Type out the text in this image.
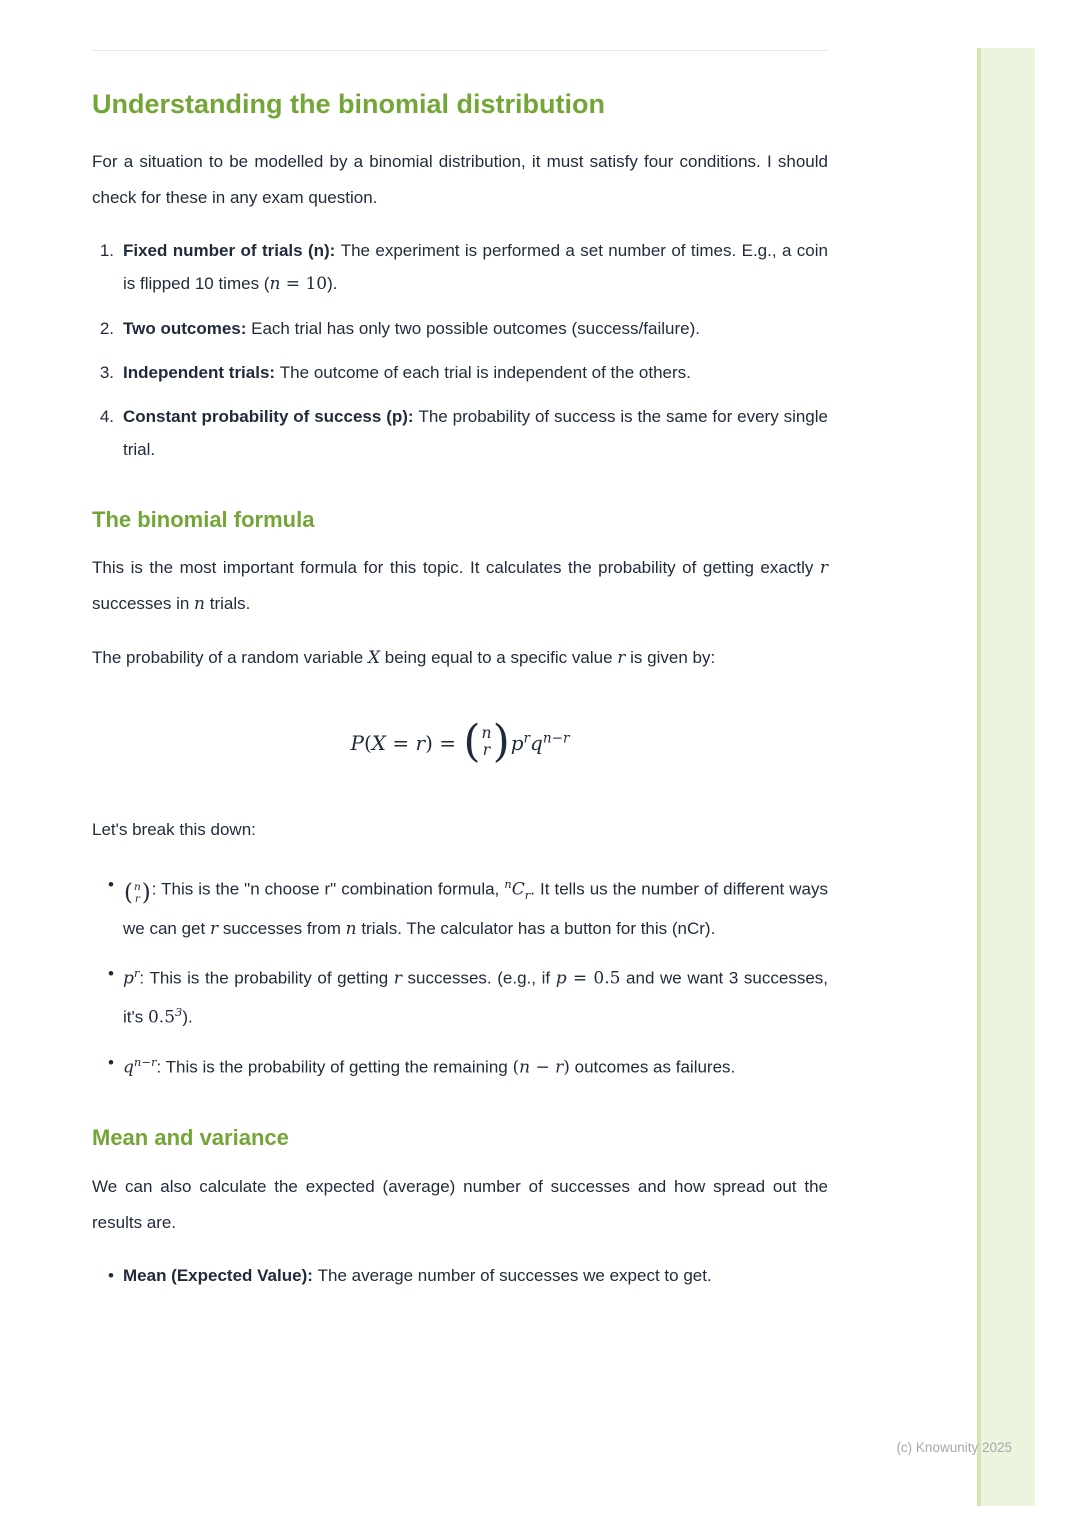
Understanding the binomial distribution

For a situation to be modelled by a binomial distribution, it must satisfy four conditions. I should check for these in any exam question.

1. Fixed number of trials (n): The experiment is performed a set number of times. E.g., a coin is flipped 10 times (n = 10).
2. Two outcomes: Each trial has only two possible outcomes (success/failure).
3. Independent trials: The outcome of each trial is independent of the others.
4. Constant probability of success (p): The probability of success is the same for every single trial.
The binomial formula

This is the most important formula for this topic. It calculates the probability of getting exactly r successes in n trials.

The probability of a random variable X being equal to a specific value r is given by:

P(X = r) = ( n
r ) $p^rq^{n-r}$

Let's break this down:

• ( n
r ) : This is the "n choose r" combination formula, $^nC_r$. It tells us the number of different ways we can get r successes from n trials. The calculator has a button for this (nCr).
• $p^r$: This is the probability of getting r successes. (e.g., if p = 0.5 and we want 3 successes, it's $0.5^3$).
• $q^{n-r}$: This is the probability of getting the remaining (n − r) outcomes as failures.
Mean and variance

We can also calculate the expected (average) number of successes and how spread out the results are.

• Mean (Expected Value): The average number of successes we expect to get.
(c) Knowunity 2025
